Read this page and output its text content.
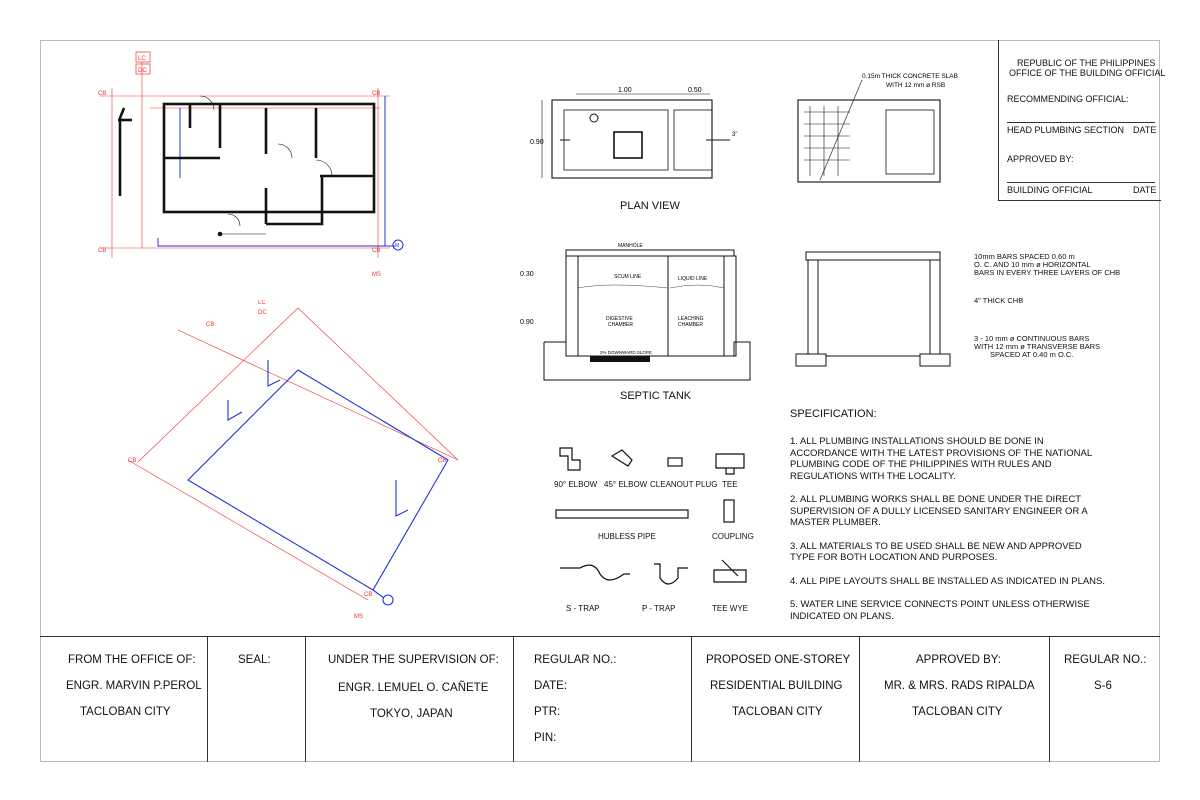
REPUBLIC OF THE PHILIPPINES
OFFICE OF THE BUILDING OFFICIAL
RECOMMENDING OFFICIAL:
HEAD PLUMBING SECTION DATE
APPROVED BY:
BUILDING OFFICIAL	DATE
LC
DC
CB	CB
CB	CB
MS
M
LC
DC
CB
CB	CB
CB
MS
1.00	0.50
0.90
3"
0.15m THICK CONCRETE SLAB
WITH 12 mm ø RSB
PLAN VIEW
MANHOLE
SCUM LINE	LIQUID LINE
DIGESTIVE
CHAMBER
LEACHING
CHAMBER
2% DOWNWARD SLOPE
0.30
0.90
SEPTIC TANK
10mm BARS SPACED 0.60 m
O. C. AND 10 mm ø HORIZONTAL
BARS IN EVERY THREE LAYERS OF CHB
4" THICK CHB
3 - 10 mm ø CONTINUOUS BARS
WITH 12 mm ø TRANSVERSE BARS
SPACED AT 0.40 m O.C.
90° ELBOW 45° ELBOW CLEANOUT PLUG TEE
HUBLESS PIPE	COUPLING
S - TRAP	P - TRAP	TEE WYE
SPECIFICATION:

1. ALL PLUMBING INSTALLATIONS SHOULD BE DONE IN ACCORDANCE WITH THE LATEST PROVISIONS OF THE NATIONAL PLUMBING CODE OF THE PHILIPPINES WITH RULES AND REGULATIONS WITH THE LOCALITY.

2. ALL PLUMBING WORKS SHALL BE DONE UNDER THE DIRECT SUPERVISION OF A DULLY LICENSED SANITARY ENGINEER OR A MASTER PLUMBER.

3. ALL MATERIALS TO BE USED SHALL BE NEW AND APPROVED TYPE FOR BOTH LOCATION AND PURPOSES.

4. ALL PIPE LAYOUTS SHALL BE INSTALLED AS INDICATED IN PLANS.

5. WATER LINE SERVICE CONNECTS POINT UNLESS OTHERWISE INDICATED ON PLANS.

FROM THE OFFICE OF:
ENGR. MARVIN P.PEROL
TACLOBAN CITY
SEAL:	UNDER THE SUPERVISION OF:
ENGR. LEMUEL O. CAÑETE
TOKYO, JAPAN
REGULAR NO.:
DATE:
PTR:
PIN:
PROPOSED ONE-STOREY
RESIDENTIAL BUILDING
TACLOBAN CITY
APPROVED BY:
MR. & MRS. RADS RIPALDA
TACLOBAN CITY
REGULAR NO.:
S-6
